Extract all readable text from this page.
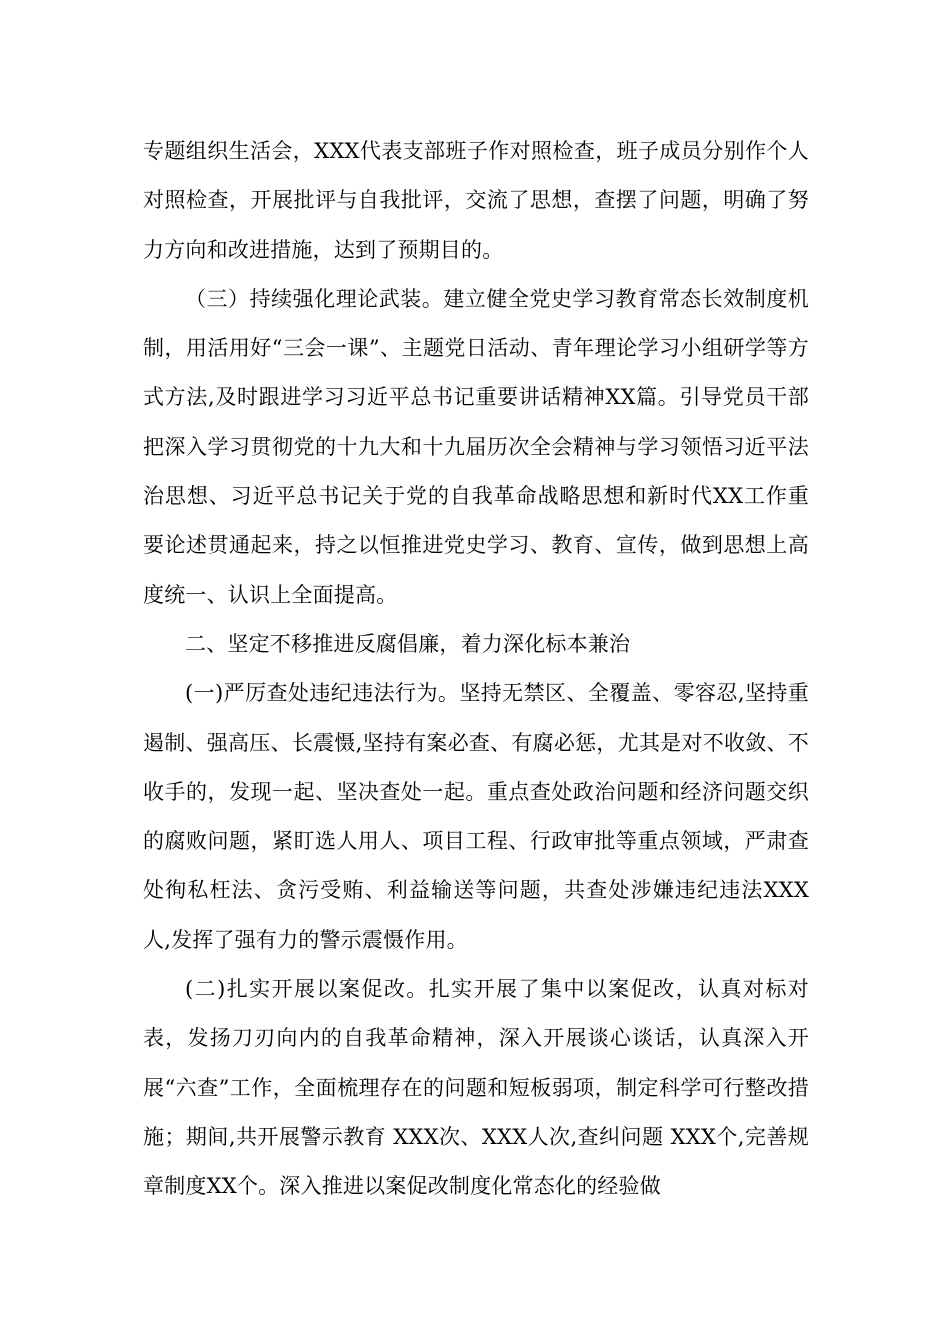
专题组织生活会，XXX代表支部班子作对照检查，班子成员分别作个人对照检查，开展批评与自我批评，交流了思想，查摆了问题，明确了努力方向和改进措施，达到了预期目的。

（三）持续强化理论武装。建立健全党史学习教育常态长效制度机制，用活用好“三会一课”、主题党日活动、青年理论学习小组研学等方式方法,及时跟进学习习近平总书记重要讲话精神XX篇。引导党员干部把深入学习贯彻党的十九大和十九届历次全会精神与学习领悟习近平法治思想、习近平总书记关于党的自我革命战略思想和新时代XX工作重要论述贯通起来，持之以恒推进党史学习、教育、宣传，做到思想上高度统一、认识上全面提高。

二、坚定不移推进反腐倡廉，着力深化标本兼治

(一)严厉查处违纪违法行为。坚持无禁区、全覆盖、零容忍,坚持重遏制、强高压、长震慑,坚持有案必查、有腐必惩，尤其是对不收敛、不收手的，发现一起、坚决查处一起。重点查处政治问题和经济问题交织的腐败问题，紧盯选人用人、项目工程、行政审批等重点领域，严肃查处徇私枉法、贪污受贿、利益输送等问题，共查处涉嫌违纪违法XXX人,发挥了强有力的警示震慑作用。

(二)扎实开展以案促改。扎实开展了集中以案促改，认真对标对表，发扬刀刃向内的自我革命精神，深入开展谈心谈话，认真深入开展“六查”工作，全面梳理存在的问题和短板弱项，制定科学可行整改措施；期间,共开展警示教育 XXX次、XXX人次,查纠问题 XXX个,完善规章制度XX个。深入推进以案促改制度化常态化的经验做
